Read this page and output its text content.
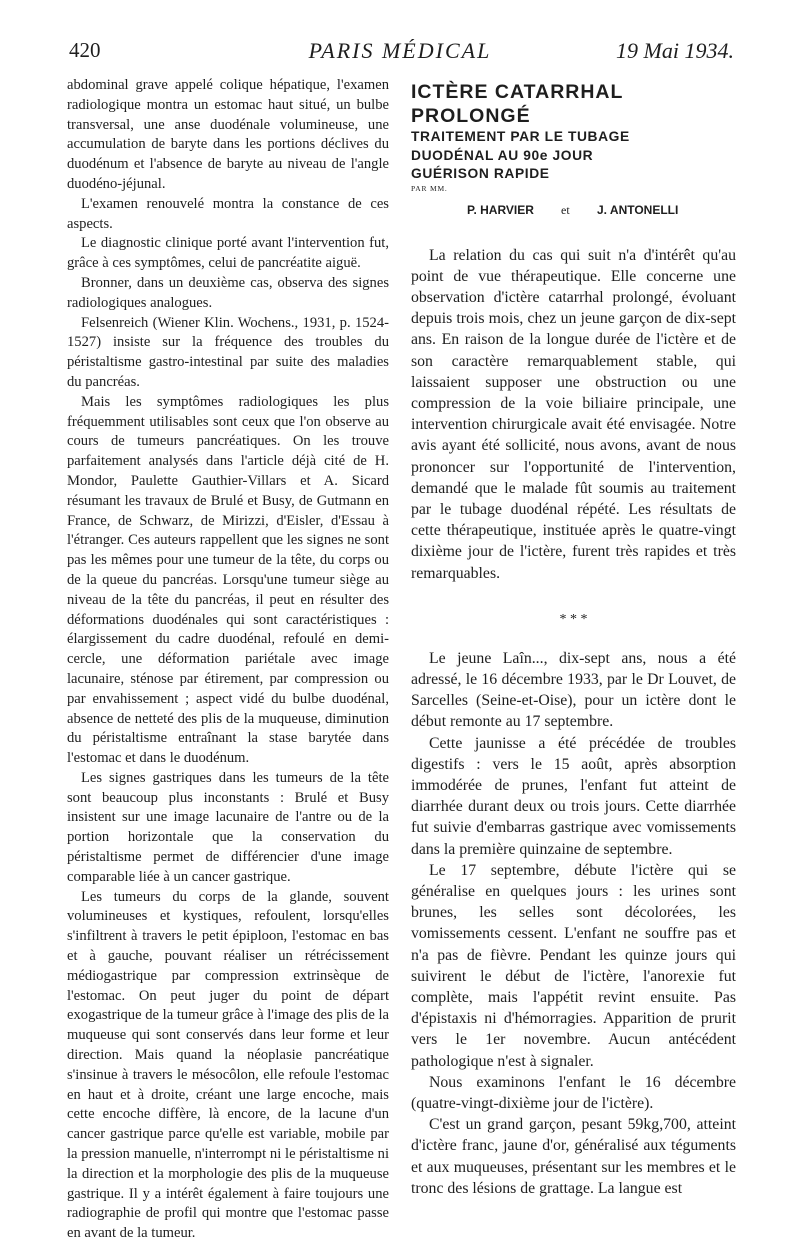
420	PARIS MÉDICAL	19 Mai 1934.

abdominal grave appelé colique hépatique, l'examen radiologique montra un estomac haut situé, un bulbe transversal, une anse duodénale volumineuse, une accumulation de baryte dans les portions déclives du duodénum et l'absence de baryte au niveau de l'angle duodéno-jéjunal.

L'examen renouvelé montra la constance de ces aspects.

Le diagnostic clinique porté avant l'intervention fut, grâce à ces symptômes, celui de pancréatite aiguë.

Bronner, dans un deuxième cas, observa des signes radiologiques analogues.

Felsenreich (Wiener Klin. Wochens., 1931, p. 1524-1527) insiste sur la fréquence des troubles du péristaltisme gastro-intestinal par suite des maladies du pancréas.

Mais les symptômes radiologiques les plus fréquemment utilisables sont ceux que l'on observe au cours de tumeurs pancréatiques. On les trouve parfaitement analysés dans l'article déjà cité de H. Mondor, Paulette Gauthier-Villars et A. Sicard résumant les travaux de Brulé et Busy, de Gutmann en France, de Schwarz, de Mirizzi, d'Eisler, d'Essau à l'étranger. Ces auteurs rappellent que les signes ne sont pas les mêmes pour une tumeur de la tête, du corps ou de la queue du pancréas. Lorsqu'une tumeur siège au niveau de la tête du pancréas, il peut en résulter des déformations duodénales qui sont caractéristiques : élargissement du cadre duodénal, refoulé en demi-cercle, une déformation pariétale avec image lacunaire, sténose par étirement, par compression ou par envahissement ; aspect vidé du bulbe duodénal, absence de netteté des plis de la muqueuse, diminution du péristaltisme entraînant la stase barytée dans l'estomac et dans le duodénum.

Les signes gastriques dans les tumeurs de la tête sont beaucoup plus inconstants : Brulé et Busy insistent sur une image lacunaire de l'antre ou de la portion horizontale que la conservation du péristaltisme permet de différencier d'une image comparable liée à un cancer gastrique.

Les tumeurs du corps de la glande, souvent volumineuses et kystiques, refoulent, lorsqu'elles s'infiltrent à travers le petit épiploon, l'estomac en bas et à gauche, pouvant réaliser un rétrécissement médiogastrique par compression extrinsèque de l'estomac. On peut juger du point de départ exogastrique de la tumeur grâce à l'image des plis de la muqueuse qui sont conservés dans leur forme et leur direction. Mais quand la néoplasie pancréatique s'insinue à travers le mésocôlon, elle refoule l'estomac en haut et à droite, créant une large encoche, mais cette encoche diffère, là encore, de la lacune d'un cancer gastrique parce qu'elle est variable, mobile par la pression manuelle, n'interrompt ni le péristaltisme ni la direction et la morphologie des plis de la muqueuse gastrique. Il y a intérêt également à faire toujours une radiographie de profil qui montre que l'estomac passe en avant de la tumeur.

ICTÈRE CATARRHAL
PROLONGÉ

TRAITEMENT PAR LE TUBAGE
DUODÉNAL AU 90e JOUR
GUÉRISON RAPIDE

PAR MM.

P. HARVIER et J. ANTONELLI

La relation du cas qui suit n'a d'intérêt qu'au point de vue thérapeutique. Elle concerne une observation d'ictère catarrhal prolongé, évoluant depuis trois mois, chez un jeune garçon de dix-sept ans. En raison de la longue durée de l'ictère et de son caractère remarquablement stable, qui laissaient supposer une obstruction ou une compression de la voie biliaire principale, une intervention chirurgicale avait été envisagée. Notre avis ayant été sollicité, nous avons, avant de nous prononcer sur l'opportunité de l'intervention, demandé que le malade fût soumis au traitement par le tubage duodénal répété. Les résultats de cette thérapeutique, instituée après le quatre-vingt dixième jour de l'ictère, furent très rapides et très remarquables.

* * *

Le jeune Laîn..., dix-sept ans, nous a été adressé, le 16 décembre 1933, par le Dr Louvet, de Sarcelles (Seine-et-Oise), pour un ictère dont le début remonte au 17 septembre.

Cette jaunisse a été précédée de troubles digestifs : vers le 15 août, après absorption immodérée de prunes, l'enfant fut atteint de diarrhée durant deux ou trois jours. Cette diarrhée fut suivie d'embarras gastrique avec vomissements dans la première quinzaine de septembre.

Le 17 septembre, débute l'ictère qui se généralise en quelques jours : les urines sont brunes, les selles sont décolorées, les vomissements cessent. L'enfant ne souffre pas et n'a pas de fièvre. Pendant les quinze jours qui suivirent le début de l'ictère, l'anorexie fut complète, mais l'appétit revint ensuite. Pas d'épistaxis ni d'hémorragies. Apparition de prurit vers le 1er novembre. Aucun antécédent pathologique n'est à signaler.

Nous examinons l'enfant le 16 décembre (quatre-vingt-dixième jour de l'ictère).

C'est un grand garçon, pesant 59kg,700, atteint d'ictère franc, jaune d'or, généralisé aux téguments et aux muqueuses, présentant sur les membres et le tronc des lésions de grattage. La langue est
